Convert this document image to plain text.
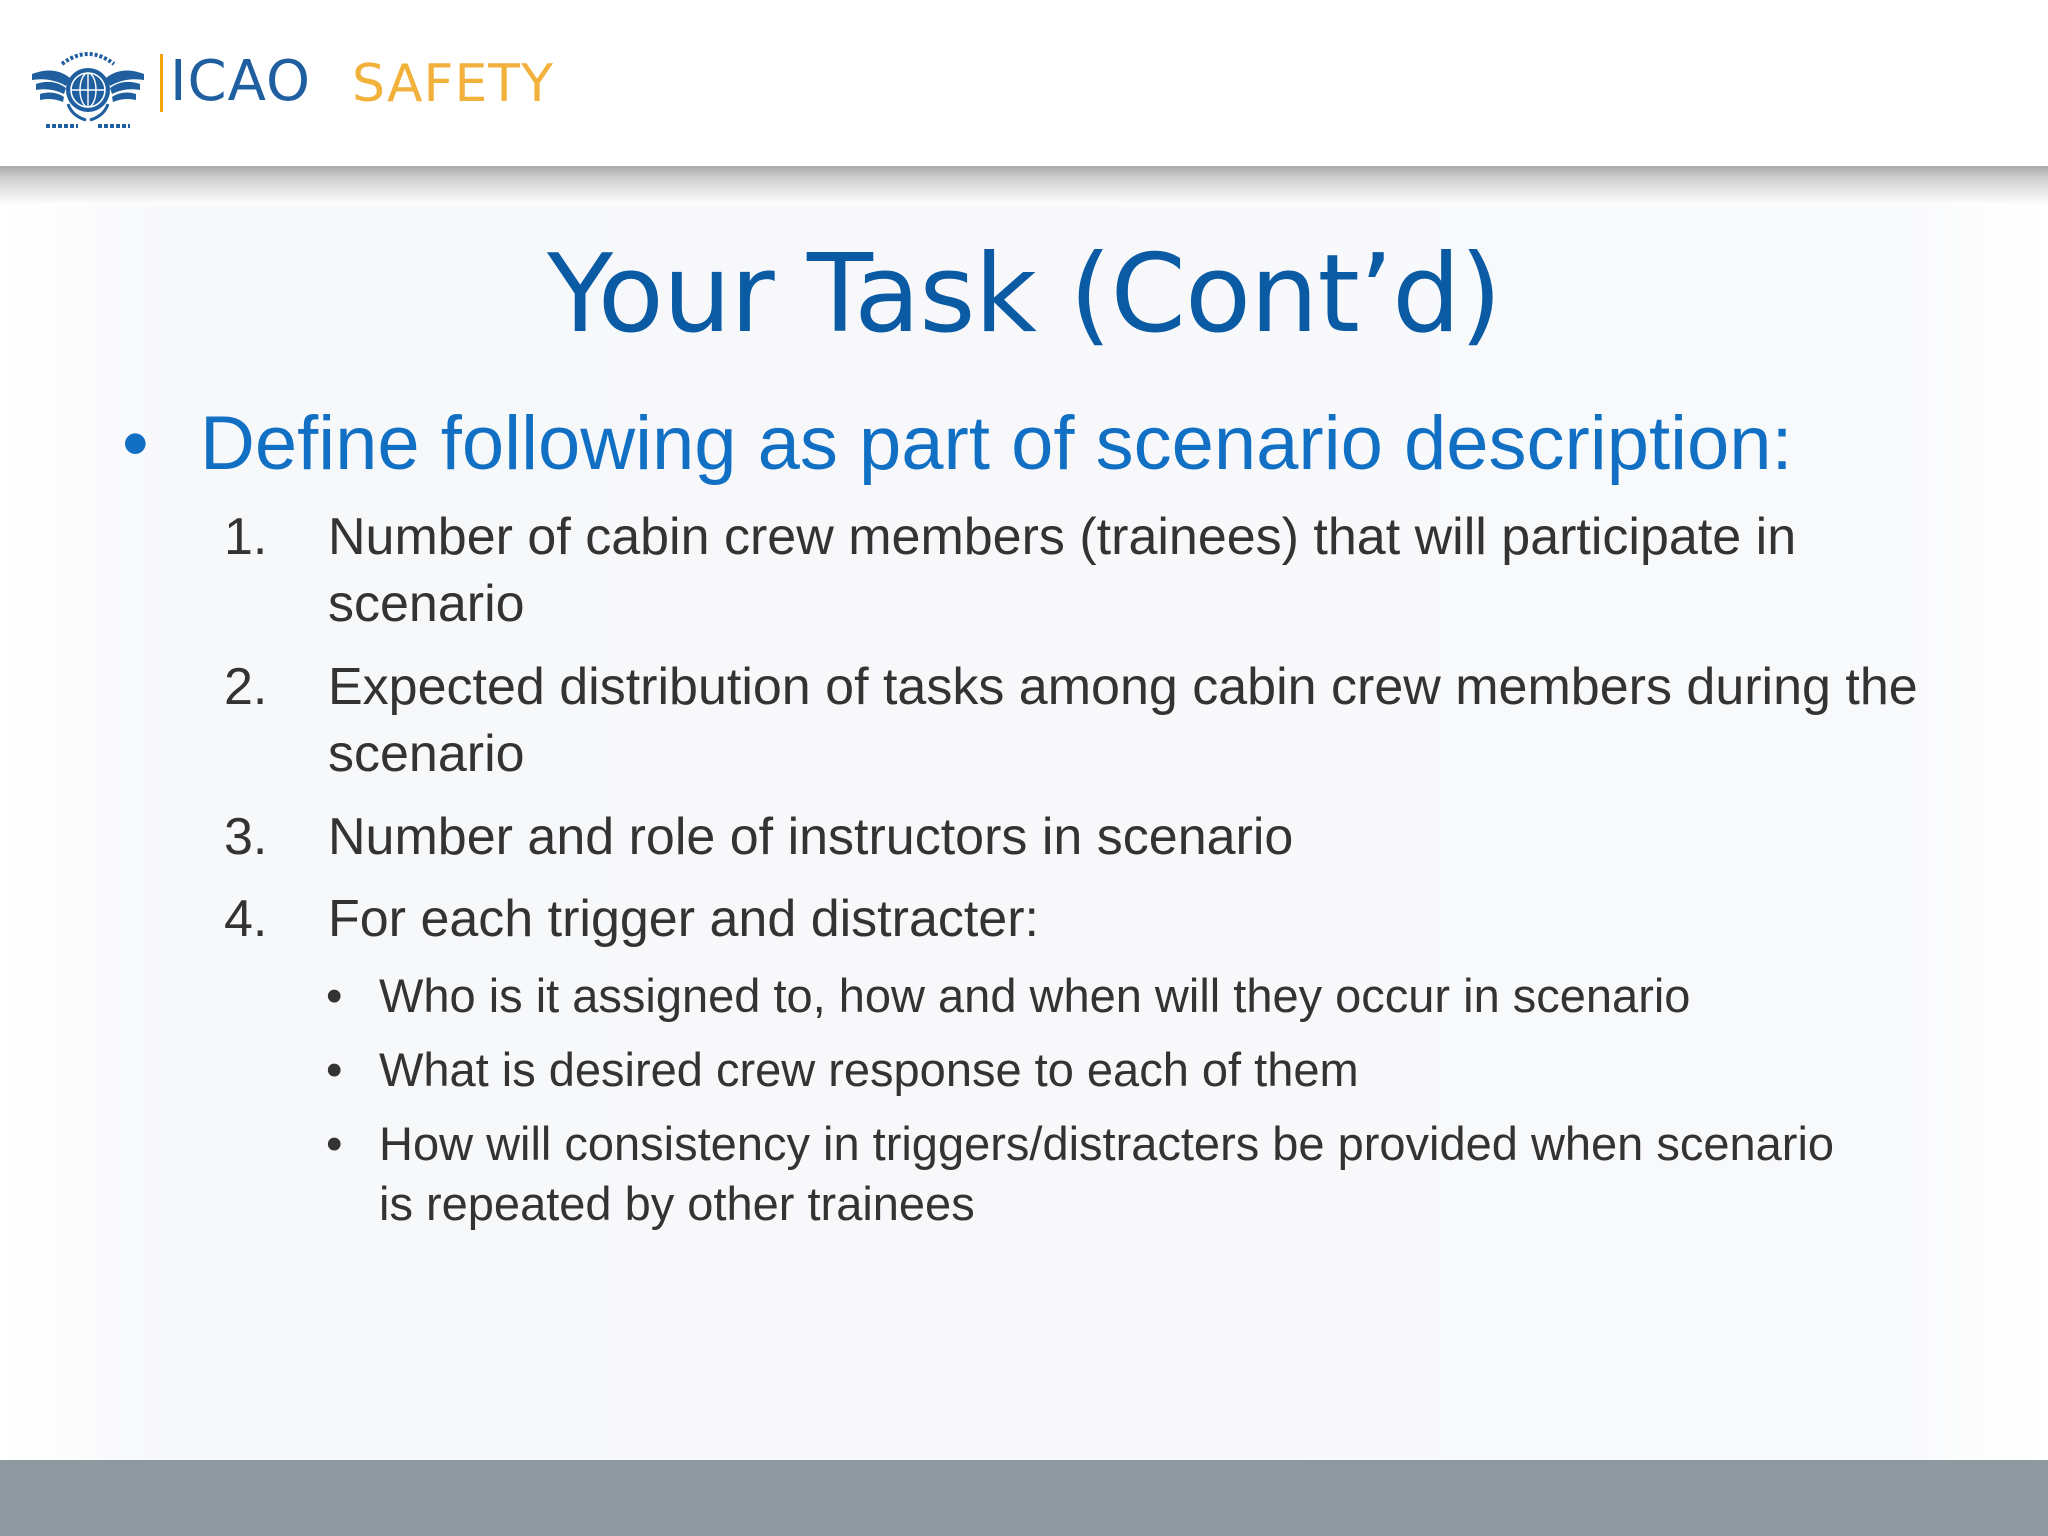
ICAO SAFETY
Your Task (Cont’d)
• Define following as part of scenario description:
1. Number of cabin crew members (trainees) that will participate in scenario
2. Expected distribution of tasks among cabin crew members during the scenario
3. Number and role of instructors in scenario
4. For each trigger and distracter:
• Who is it assigned to, how and when will they occur in scenario
• What is desired crew response to each of them
• How will consistency in triggers/distracters be provided when scenario is repeated by other trainees
